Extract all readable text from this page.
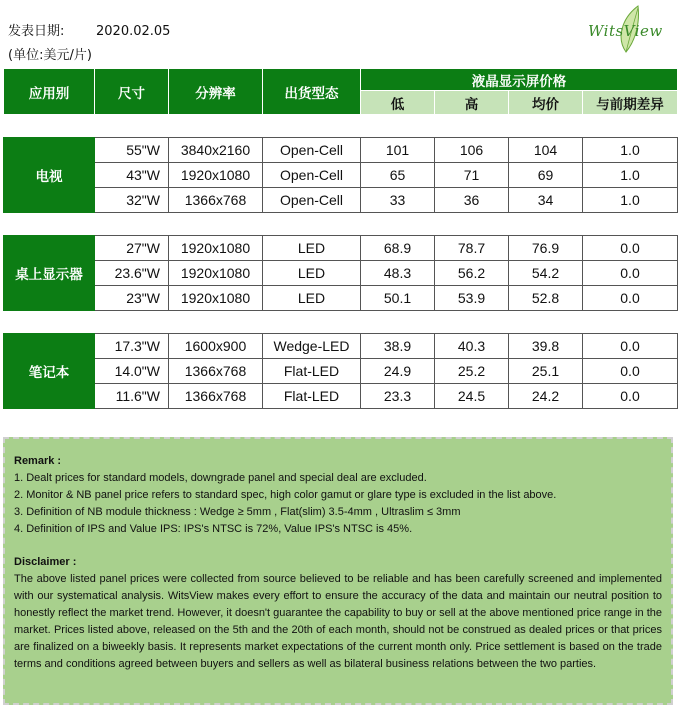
发表日期: 2020.02.05
(单位:美元/片)
WitsView
应用别	尺寸	分辨率	出货型态	液晶显示屏价格			
				低	高	均价	与前期差异

电视	55"W	3840x2160	Open-Cell	101	106	104	1.0
	43"W	1920x1080	Open-Cell	65	71	69	1.0
	32"W	1366x768	Open-Cell	33	36	34	1.0

桌上显示器	27"W	1920x1080	LED	68.9	78.7	76.9	0.0
	23.6"W	1920x1080	LED	48.3	56.2	54.2	0.0
	23"W	1920x1080	LED	50.1	53.9	52.8	0.0

笔记本	17.3"W	1600x900	Wedge-LED	38.9	40.3	39.8	0.0
	14.0"W	1366x768	Flat-LED	24.9	25.2	25.1	0.0
	11.6"W	1366x768	Flat-LED	23.3	24.5	24.2	0.0
Remark :
1. Dealt prices for standard models, downgrade panel and special deal are excluded.
2. Monitor & NB panel price refers to standard spec, high color gamut or glare type is excluded in the list above.
3. Definition of NB module thickness : Wedge ≥ 5mm , Flat(slim) 3.5-4mm , Ultraslim ≤ 3mm
4. Definition of IPS and Value IPS: IPS's NTSC is 72%, Value IPS's NTSC is 45%.
Disclaimer :
The above listed panel prices were collected from source believed to be reliable and has been carefully screened and implemented with our systematical analysis. WitsView makes every effort to ensure the accuracy of the data and maintain our neutral position to honestly reflect the market trend. However, it doesn't guarantee the capability to buy or sell at the above mentioned price range in the market. Prices listed above, released on the 5th and the 20th of each month, should not be construed as dealed prices or that prices are finalized on a biweekly basis. It represents market expectations of the current month only. Price settlement is based on the trade terms and conditions agreed between buyers and sellers as well as bilateral business relations between the two parties.
